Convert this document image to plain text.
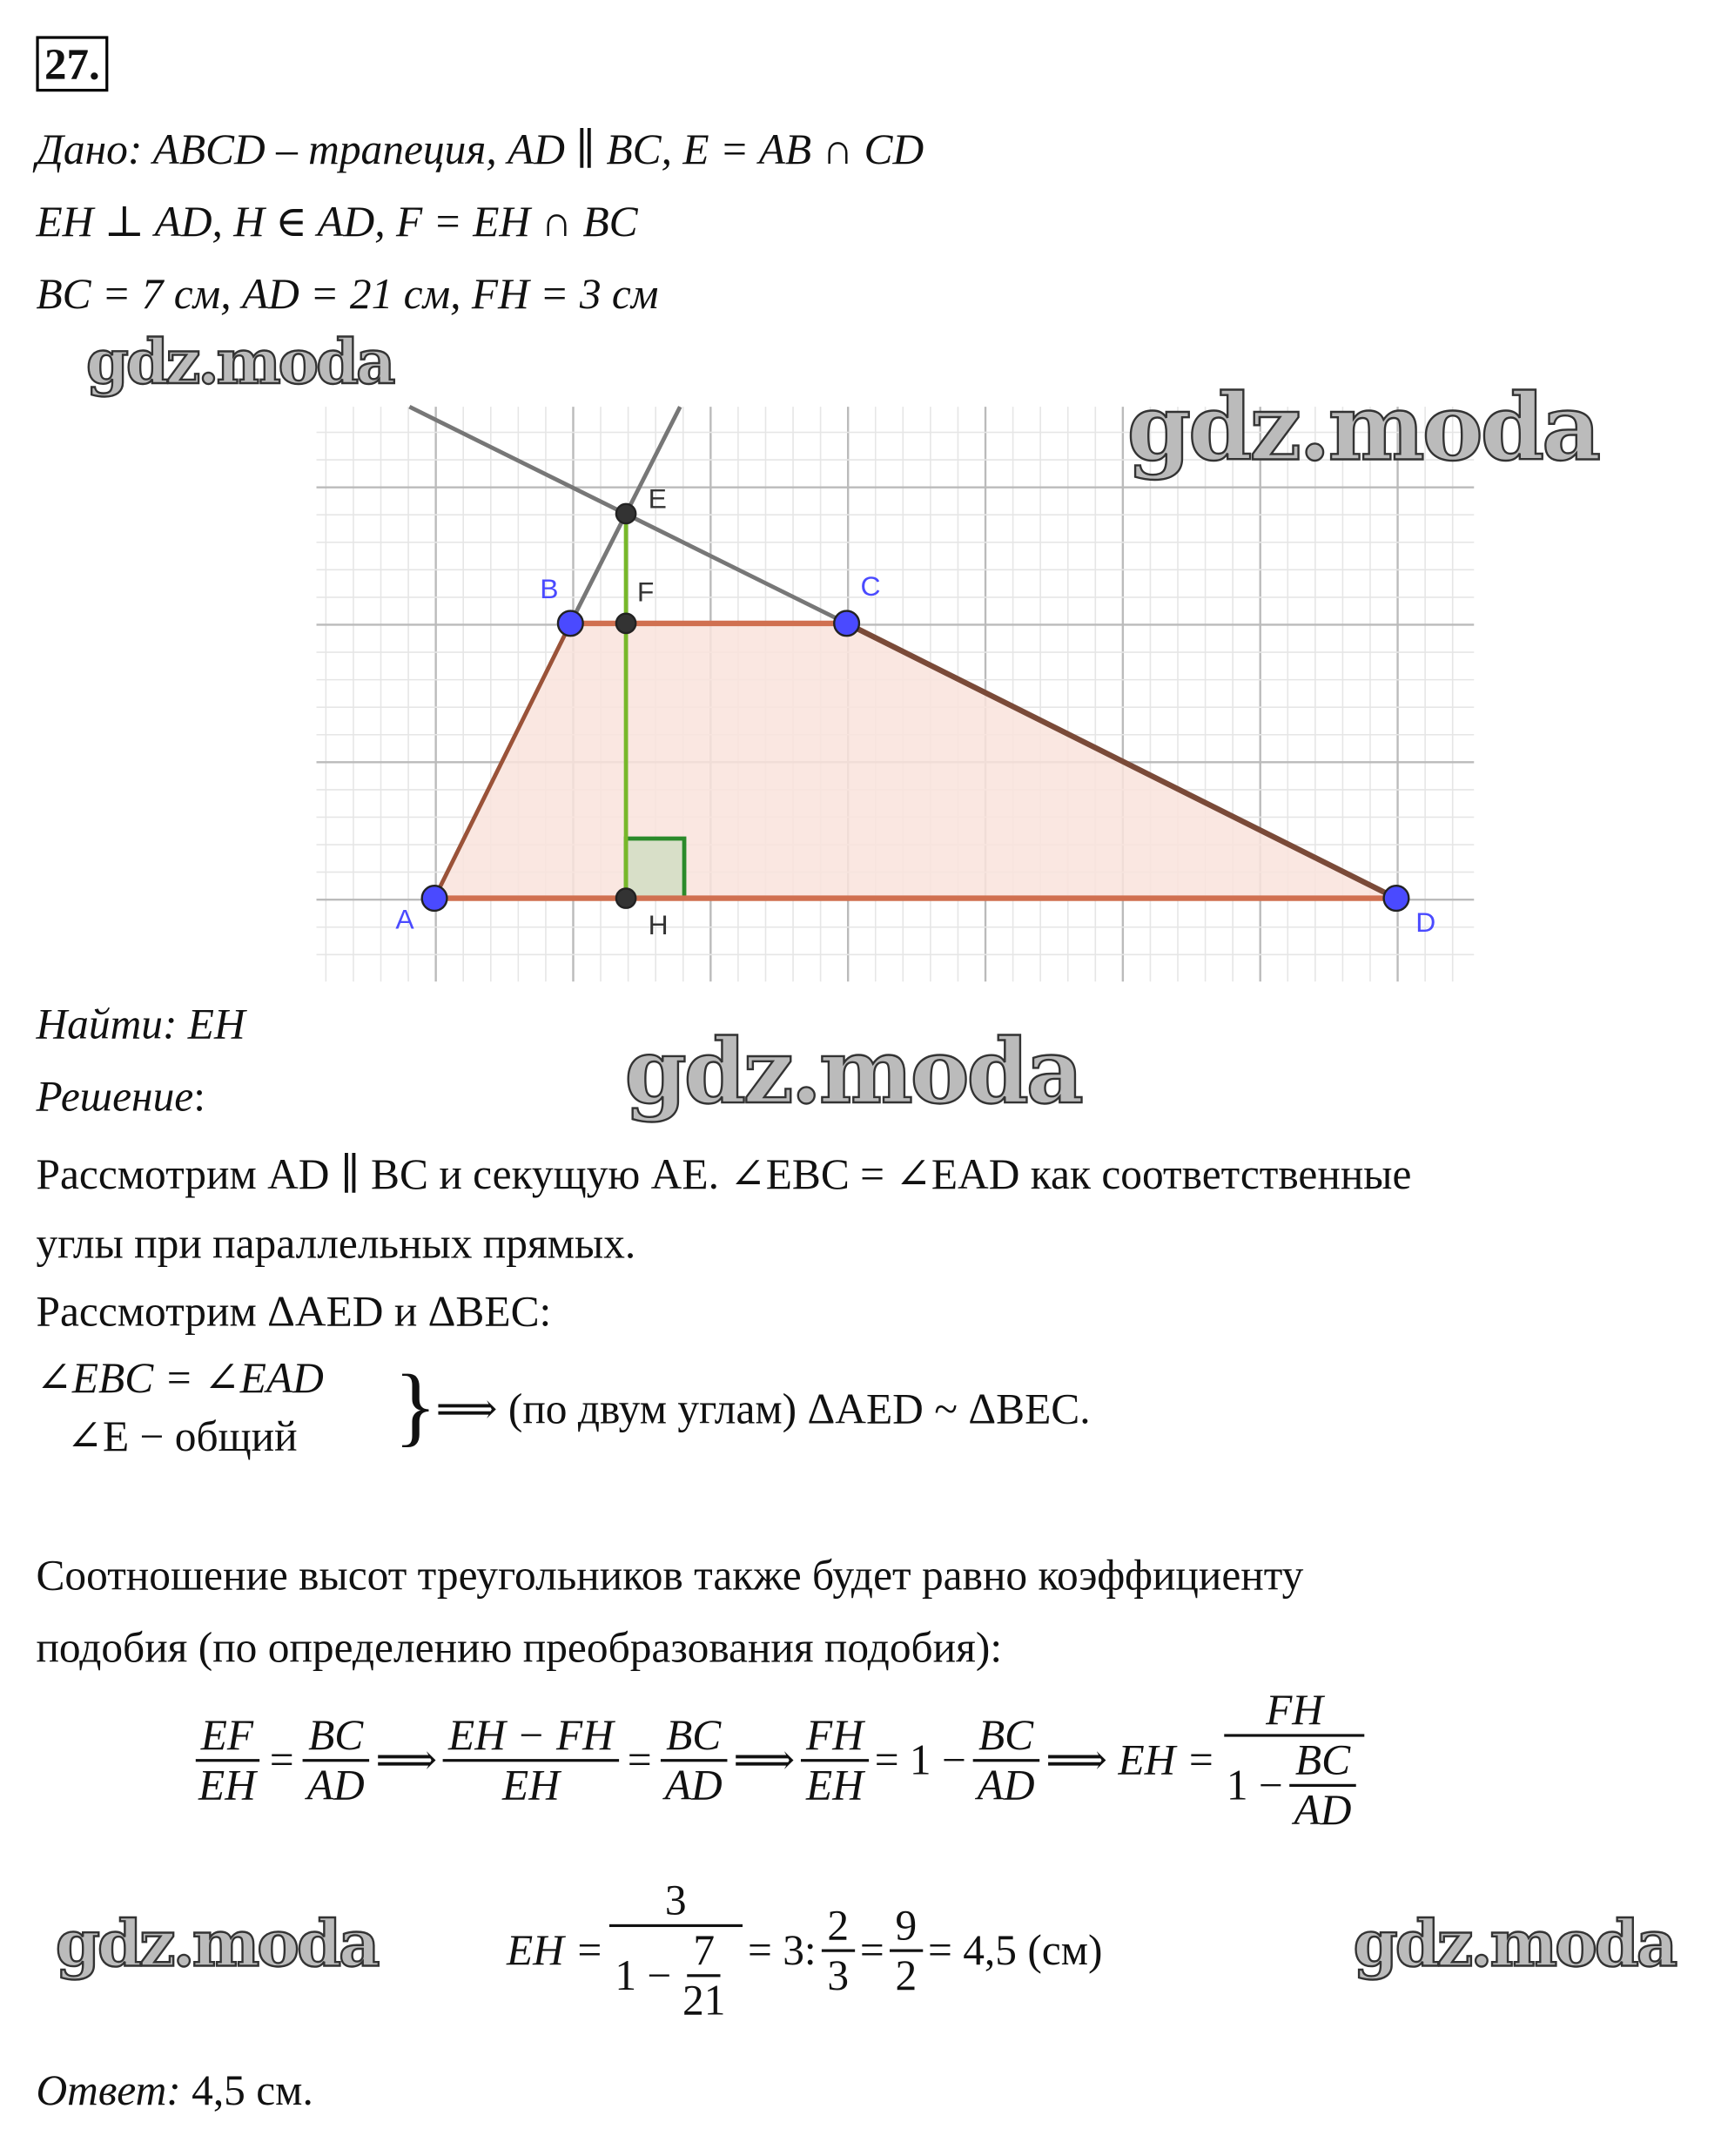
27.
Дано: ABCD – трапеция, AD ∥ BC, E = AB ∩ CD
EH ⊥ AD, H ∈ AD, F = EH ∩ BC
BC = 7 см, AD = 21 см, FH = 3 см
gdz.moda
A
B	C
D
E
F
H
gdz.moda
Найти: EH
Решение:	gdz.moda
Рассмотрим AD ∥ BC и секущую AE. ∠EBC = ∠EAD как соответственные
углы при параллельных прямых.
Рассмотрим ΔAED и ΔBEC:
∠EBC = ∠EAD
∠E − общий }
⟹ (по двум углам) ΔAED ~ ΔBEC.
Соотношение высот треугольников также будет равно коэффициенту
подобия (по определению преобразования подобия):
$\frac{EF}{EH} = \frac{BC}{AD}$ ⟹ $\frac{EH - FH}{EH} = \frac{BC}{AD}$ ⟹ $\frac{FH}{EH} = 1 - \frac{BC}{AD}$ ⟹ EH = $\frac{FH}{1 - \frac{BC}{AD}}$
gdz.moda	gdz.moda
EH = $\frac{3}{1 - \frac{7}{21}} = 3$: $\frac{2}{3} = \frac{9}{2} = 4,5$ (см)
Ответ: 4,5 см.
